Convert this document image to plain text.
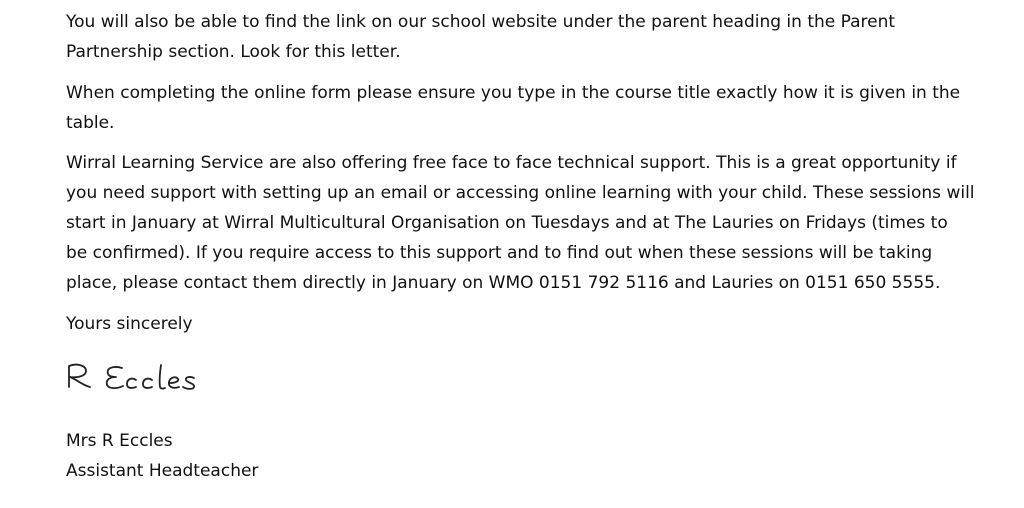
You will also be able to find the link on our school website under the parent heading in the Parent
Partnership section. Look for this letter.
When completing the online form please ensure you type in the course title exactly how it is given in the
table.
Wirral Learning Service are also offering free face to face technical support. This is a great opportunity if
you need support with setting up an email or accessing online learning with your child. These sessions will
start in January at Wirral Multicultural Organisation on Tuesdays and at The Lauries on Fridays (times to
be confirmed). If you require access to this support and to find out when these sessions will be taking
place, please contact them directly in January on WMO 0151 792 5116 and Lauries on 0151 650 5555.
Yours sincerely
Mrs R Eccles
Assistant Headteacher
